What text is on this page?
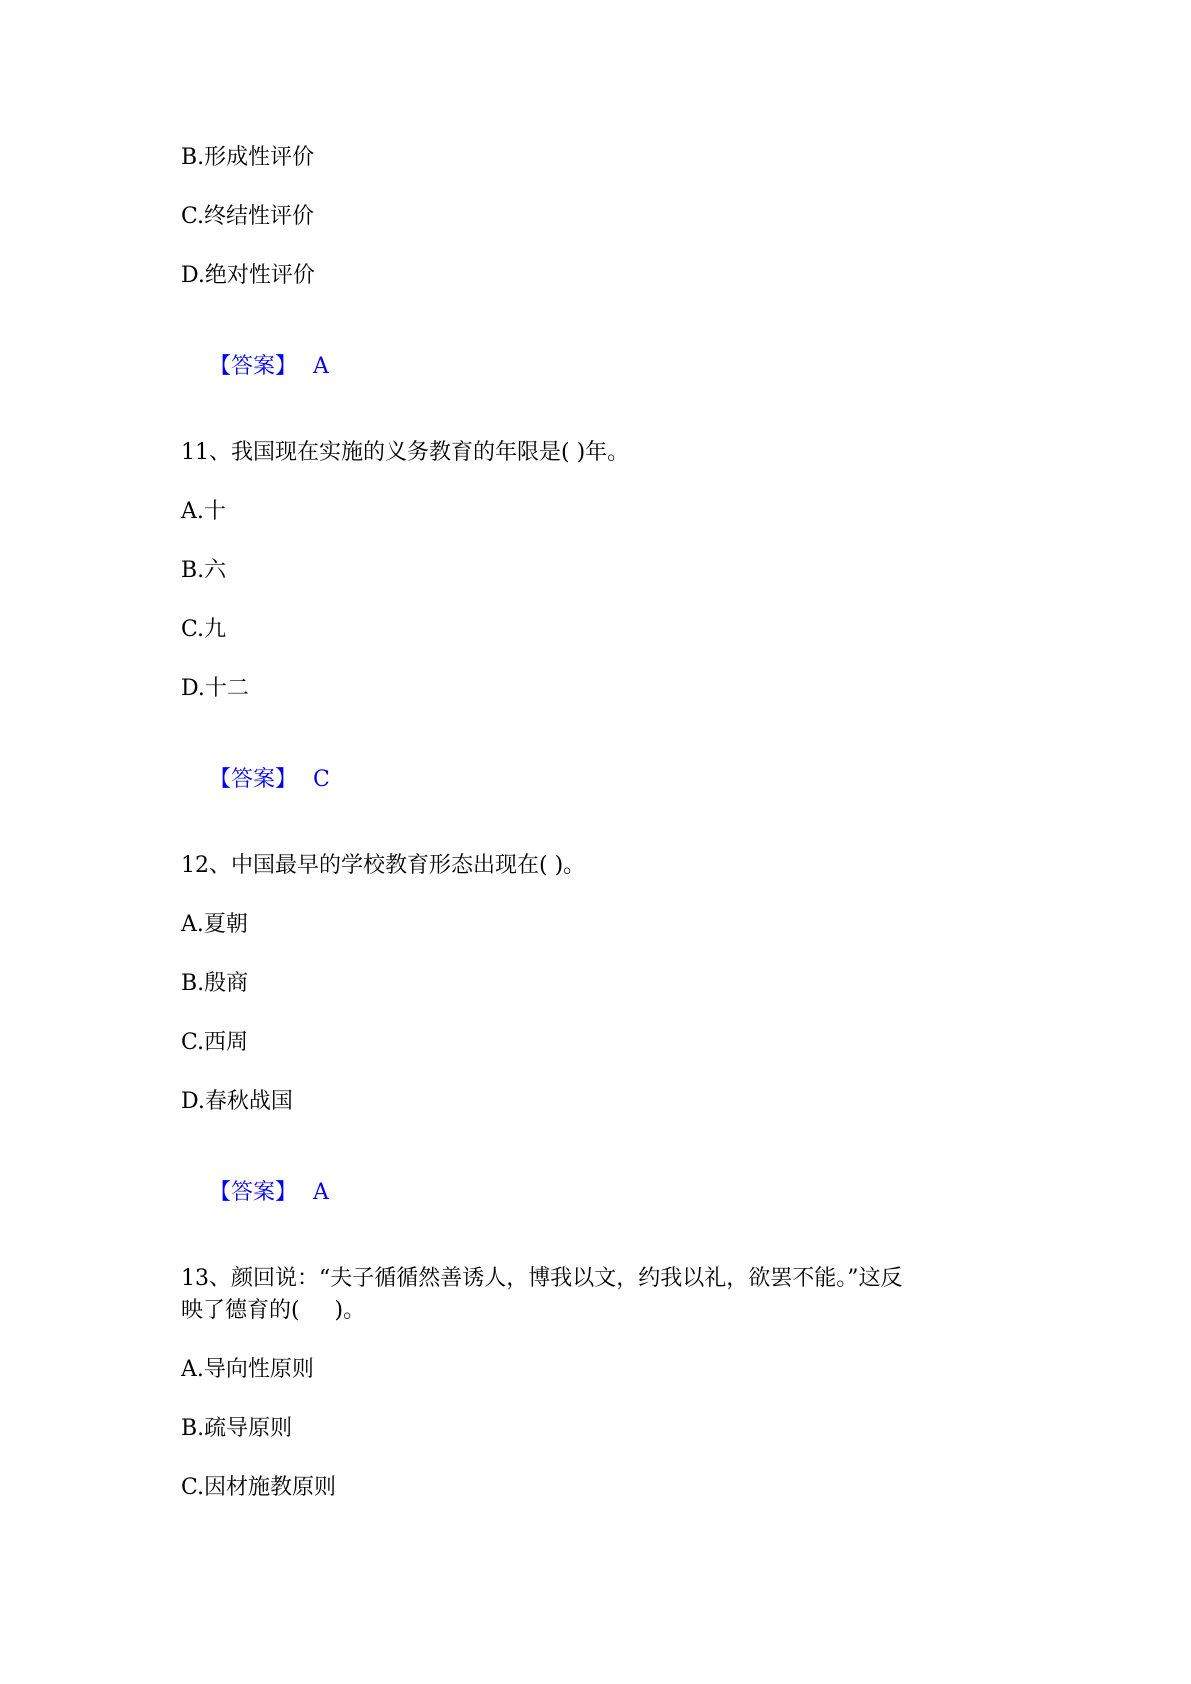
B.形成性评价
C.终结性评价
D.绝对性评价

【答案】 A

11、我国现在实施的义务教育的年限是( )年。
A.十
B.六
C.九
D.十二

【答案】 C

12、中国最早的学校教育形态出现在( )。
A.夏朝
B.殷商
C.西周
D.春秋战国

【答案】 A

13、颜回说：“夫子循循然善诱人，博我以文，约我以礼，欲罢不能。”这反
映了德育的(     )。
A.导向性原则
B.疏导原则
C.因材施教原则
